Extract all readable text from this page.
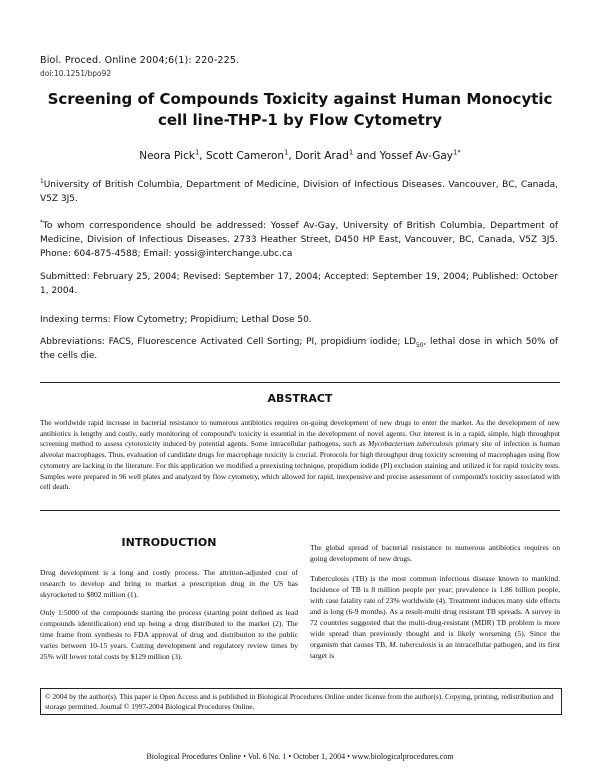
Biol. Proced. Online 2004;6(1): 220-225.
doi:10.1251/bpo92
Screening of Compounds Toxicity against Human Monocytic cell line-THP-1 by Flow Cytometry
Neora Pick$^1$, Scott Cameron$^1$, Dorit Arad$^1$ and Yossef Av-Gay$^{1*}$
$^1$University of British Columbia, Department of Medicine, Division of Infectious Diseases. Vancouver, BC, Canada, V5Z 3J5.
*To whom correspondence should be addressed: Yossef Av-Gay, University of British Columbia, Department of Medicine, Division of Infectious Diseases. 2733 Heather Street, D450 HP East, Vancouver, BC, Canada, V5Z 3J5. Phone: 604-875-4588; Email: yossi@interchange.ubc.ca
Submitted: February 25, 2004; Revised: September 17, 2004; Accepted: September 19, 2004; Published: October 1, 2004.
Indexing terms: Flow Cytometry; Propidium; Lethal Dose 50.
Abbreviations: FACS, Fluorescence Activated Cell Sorting; PI, propidium iodide; $LD_{50}$, lethal dose in which 50% of the cells die.
ABSTRACT
The worldwide rapid increase in bacterial resistance to numerous antibiotics requires on-going development of new drugs to enter the market. As the development of new antibiotics is lengthy and costly, early monitoring of compound's toxicity is essential in the development of novel agents. Our interest is in a rapid, simple, high throughput screening method to assess cytotoxicity induced by potential agents. Some intracellular pathogens, such as Mycobacterium tuberculosis primary site of infection is human alveolar macrophages. Thus, evaluation of candidate drugs for macrophage toxicity is crucial. Protocols for high throughput drug toxicity screening of macrophages using flow cytometry are lacking in the literature. For this application we modified a preexisting technique, propidium iodide (PI) exclusion staining and utilized it for rapid toxicity tests. Samples were prepared in 96 well plates and analyzed by flow cytometry, which allowed for rapid, inexpensive and precise assessment of compound's toxicity associated with cell death.
INTRODUCTION

Drug development is a long and costly process. The attrition-adjusted cost of research to develop and bring to market a prescription drug in the US has skyrocketed to $802 million (1).

Only 1:5000 of the compounds starting the process (starting point defined as lead compounds identification) end up being a drug distributed to the market (2). The time frame from synthesis to FDA approval of drug and distribution to the public varies between 10-15 years. Cutting development and regulatory review times by 25% will lower total costs by $129 million (3).

The global spread of bacterial resistance to numerous antibiotics requires on going development of new drugs.

Tuberculosis (TB) is the most common infectious disease known to mankind. Incidence of TB is 8 million people per year; prevalence is 1.86 billion people, with case fatality rate of 23% worldwide (4). Treatment induces many side effects and is long (6-9 months). As a result-multi drug resistant TB spreads. A survey in 72 countries suggested that the multi-drug-resistant (MDR) TB problem is more wide spread than previously thought and is likely worsening (5). Since the organism that causes TB, M. tuberculosis is an intracellular pathogen, and its first target is

© 2004 by the author(s). This paper is Open Access and is published in Biological Procedures Online under license from the author(s). Copying, printing, redistribution and storage permitted. Journal © 1997-2004 Biological Procedures Online.
Biological Procedures Online • Vol. 6 No. 1 • October 1, 2004 • www.biologicalprocedures.com
